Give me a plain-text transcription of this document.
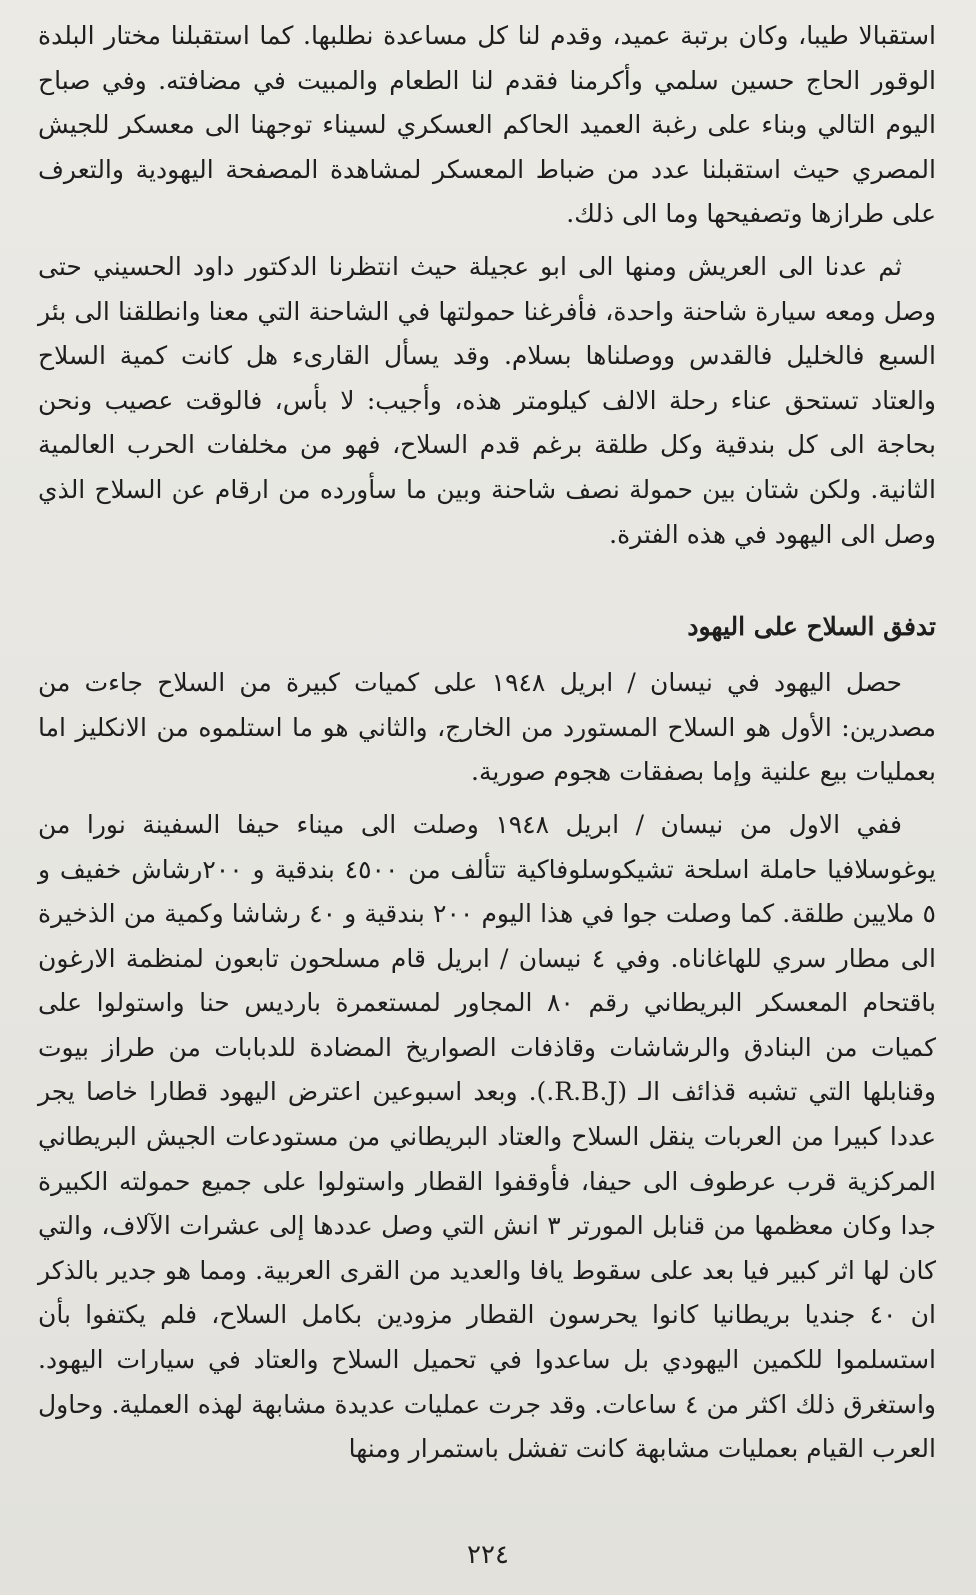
استقبالا طيبا، وكان برتبة عميد، وقدم لنا كل مساعدة نطلبها. كما استقبلنا مختار البلدة الوقور الحاج حسين سلمي وأكرمنا فقدم لنا الطعام والمبيت في مضافته. وفي صباح اليوم التالي وبناء على رغبة العميد الحاكم العسكري لسيناء توجهنا الى معسكر للجيش المصري حيث استقبلنا عدد من ضباط المعسكر لمشاهدة المصفحة اليهودية والتعرف على طرازها وتصفيحها وما الى ذلك.

ثم عدنا الى العريش ومنها الى ابو عجيلة حيث انتظرنا الدكتور داود الحسيني حتى وصل ومعه سيارة شاحنة واحدة، فأفرغنا حمولتها في الشاحنة التي معنا وانطلقنا الى بئر السبع فالخليل فالقدس ووصلناها بسلام. وقد يسأل القارىء هل كانت كمية السلاح والعتاد تستحق عناء رحلة الالف كيلومتر هذه، وأجيب: لا بأس، فالوقت عصيب ونحن بحاجة الى كل بندقية وكل طلقة برغم قدم السلاح، فهو من مخلفات الحرب العالمية الثانية. ولكن شتان بين حمولة نصف شاحنة وبين ما سأورده من ارقام عن السلاح الذي وصل الى اليهود في هذه الفترة.

تدفق السلاح على اليهود

حصل اليهود في نيسان / ابريل ١٩٤٨ على كميات كبيرة من السلاح جاءت من مصدرين: الأول هو السلاح المستورد من الخارج، والثاني هو ما استلموه من الانكليز اما بعمليات بيع علنية وإما بصفقات هجوم صورية.

ففي الاول من نيسان / ابريل ١٩٤٨ وصلت الى ميناء حيفا السفينة نورا من يوغوسلافيا حاملة اسلحة تشيكوسلوفاكية تتألف من ٤٥٠٠ بندقية و ٢٠٠رشاش خفيف و ٥ ملايين طلقة. كما وصلت جوا في هذا اليوم ٢٠٠ بندقية و ٤٠ رشاشا وكمية من الذخيرة الى مطار سري للهاغاناه. وفي ٤ نيسان / ابريل قام مسلحون تابعون لمنظمة الارغون باقتحام المعسكر البريطاني رقم ٨٠ المجاور لمستعمرة بارديس حنا واستولوا على كميات من البنادق والرشاشات وقاذفات الصواريخ المضادة للدبابات من طراز بيوت وقنابلها التي تشبه قذائف الـ (R.B.J.). وبعد اسبوعين اعترض اليهود قطارا خاصا يجر عددا كبيرا من العربات ينقل السلاح والعتاد البريطاني من مستودعات الجيش البريطاني المركزية قرب عرطوف الى حيفا، فأوقفوا القطار واستولوا على جميع حمولته الكبيرة جدا وكان معظمها من قنابل المورتر ٣ انش التي وصل عددها إلى عشرات الآلاف، والتي كان لها اثر كبير فيا بعد على سقوط يافا والعديد من القرى العربية. ومما هو جدير بالذكر ان ٤٠ جنديا بريطانيا كانوا يحرسون القطار مزودين بكامل السلاح، فلم يكتفوا بأن استسلموا للكمين اليهودي بل ساعدوا في تحميل السلاح والعتاد في سيارات اليهود. واستغرق ذلك اكثر من ٤ ساعات. وقد جرت عمليات عديدة مشابهة لهذه العملية. وحاول العرب القيام بعمليات مشابهة كانت تفشل باستمرار ومنها

٢٢٤
